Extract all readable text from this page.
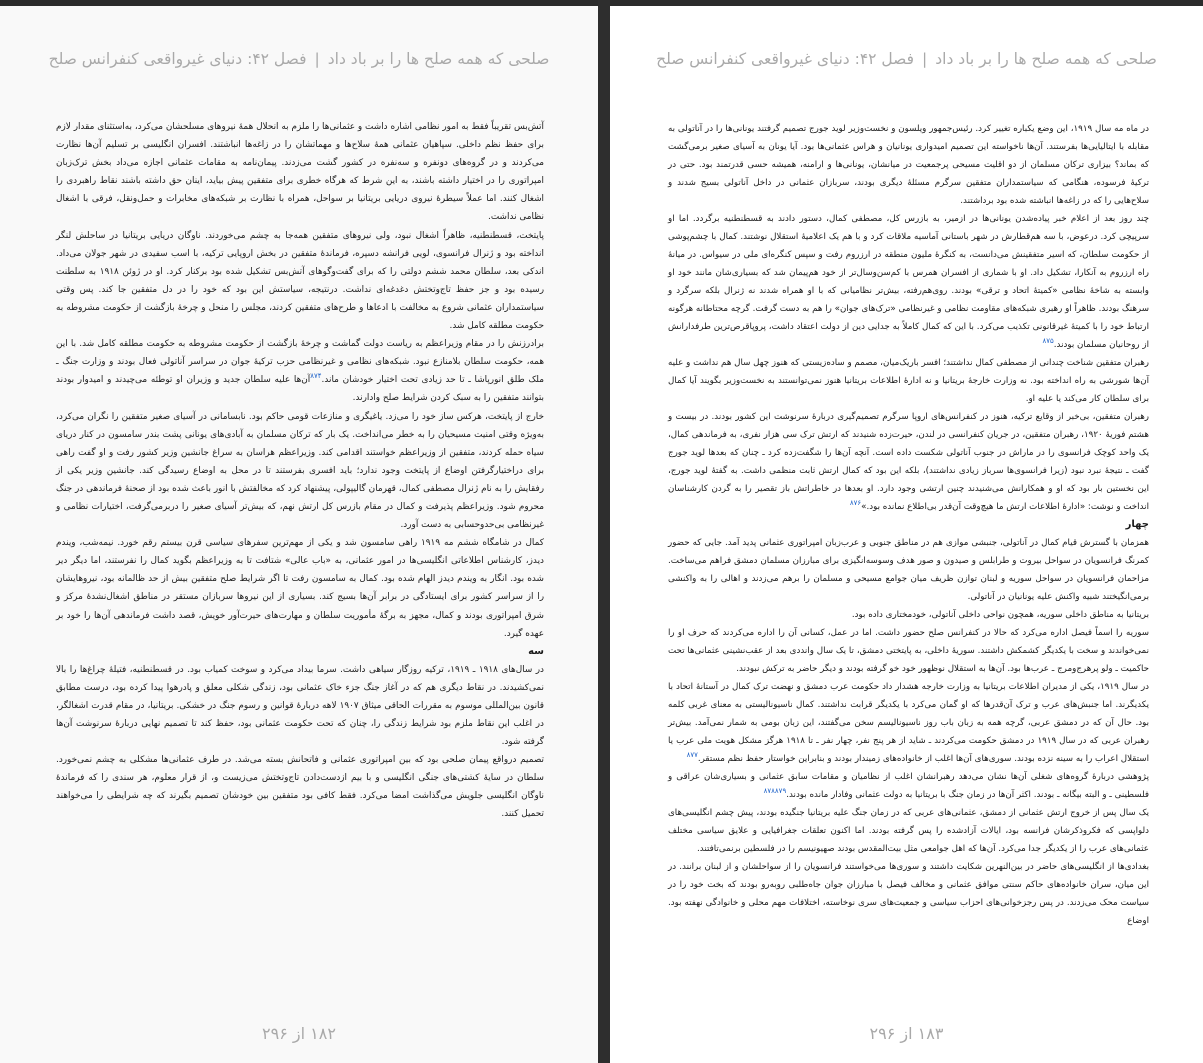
صلحی که همه صلح ها را بر باد داد|فصل ۴۲: دنیای غیرواقعی کنفرانس صلح

آتش‌بس تقریباً فقط به امور نظامی اشاره داشت و عثمانی‌ها را ملزم به انحلال همهٔ نیروهای مسلحشان می‌کرد، به‌استثنای مقدار لازم برای حفظ نظم داخلی. سپاهیان عثمانی همهٔ سلاح‌ها و مهماتشان را در زاغه‌ها انباشتند. افسران انگلیسی بر تسلیم آن‌ها نظارت می‌کردند و در گروه‌های دونفره و سه‌نفره در کشور گشت می‌زدند. پیمان‌نامه به مقامات عثمانی اجازه می‌داد بخش ترک‌زبان امپراتوری را در اختیار داشته باشند، به این شرط که هرگاه خطری برای متفقین پیش بیاید، اینان حق داشته باشند نقاط راهبردی را اشغال کنند. اما عملاً سیطرهٔ نیروی دریایی بریتانیا بر سواحل، همراه با نظارت بر شبکه‌های مخابرات و حمل‌ونقل، فرقی با اشغال نظامی نداشت.

پایتخت، قسطنطنیه، ظاهراً اشغال نبود، ولی نیروهای متفقین همه‌جا به چشم می‌خوردند. ناوگان دریایی بریتانیا در ساحلش لنگر انداخته بود و ژنرال فرانسوی، لویی فرانشه دسپره، فرماندهٔ متفقین در بخش اروپایی ترکیه، با اسب سفیدی در شهر جولان می‌داد. اندکی بعد، سلطان محمد ششم دولتی را که برای گفت‌وگوهای آتش‌بس تشکیل شده بود برکنار کرد. او در ژوئن ۱۹۱۸ به سلطنت رسیده بود و جز حفظ تاج‌وتختش دغدغه‌ای نداشت. درنتیجه، سیاستش این بود که خود را در دل متفقین جا کند. پس وقتی سیاستمداران عثمانی شروع به مخالفت با ادعاها و طرح‌های متفقین کردند، مجلس را منحل و چرخهٔ بازگشت از حکومت مشروطه به حکومت مطلقه کامل شد.

برادرزنش را در مقام وزیراعظم به ریاست دولت گماشت و چرخهٔ بازگشت از حکومت مشروطه به حکومت مطلقه کامل شد. با این همه، حکومت سلطان بلامنازع نبود. شبکه‌های نظامی و غیرنظامی حزب ترکیهٔ جوان در سراسر آناتولی فعال بودند و وزارت جنگ ـ ملک طلق انورپاشا ـ تا حد زیادی تحت اختیار خودشان ماند.$^{۸۷۴}$آن‌ها علیه سلطان جدید و وزیران او توطئه می‌چیدند و امیدوار بودند بتوانند متفقین را به سبک کردن شرایط صلح وادارند.

خارج از پایتخت، هرکس ساز خود را می‌زد. یاغیگری و منازعات قومی حاکم بود. نابسامانی در آسیای صغیر متفقین را نگران می‌کرد، به‌ویژه وقتی امنیت مسیحیان را به خطر می‌انداخت. یک بار که ترکان مسلمان به آبادی‌های یونانی پشت بندر سامسون در کنار دریای سیاه حمله کردند، متفقین از وزیراعظم خواستند اقدامی کند. وزیراعظم هراسان به سراغ جانشین وزیر کشور رفت و او گفت راهی برای دراختیارگرفتن اوضاع از پایتخت وجود ندارد؛ باید افسری بفرستند تا در محل به اوضاع رسیدگی کند. جانشین وزیر یکی از رفقایش را به نام ژنرال مصطفی کمال، قهرمان گالیپولی، پیشنهاد کرد که مخالفتش با انور باعث شده بود از صحنهٔ فرماندهی در جنگ محروم شود. وزیراعظم پذیرفت و کمال در مقام بازرس کل ارتش نهم، که بیش‌تر آسیای صغیر را دربرمی‌گرفت، اختیارات نظامی و غیرنظامی بی‌حدوحسابی به دست آورد.

کمال در شامگاه ششم مه ۱۹۱۹ راهی سامسون شد و یکی از مهم‌ترین سفرهای سیاسی قرن بیستم رقم خورد. نیمه‌شب، ویندم دیدز، کارشناس اطلاعاتی انگلیسی‌ها در امور عثمانی، به «باب عالی» شتافت تا به وزیراعظم بگوید کمال را نفرستند، اما دیگر دیر شده بود. انگار به ویندم دیدز الهام شده بود. کمال به سامسون رفت تا اگر شرایط صلح متفقین بیش از حد ظالمانه بود، نیروهایشان را از سراسر کشور برای ایستادگی در برابر آن‌ها بسیج کند. بسیاری از این نیروها سربازان مستقر در مناطق اشغال‌نشدهٔ مرکز و شرق امپراتوری بودند و کمال، مجهز به برگهٔ مأموریت سلطان و مهارت‌های حیرت‌آور خویش، قصد داشت فرماندهی آن‌ها را خود بر عهده گیرد.

سه

در سال‌های ۱۹۱۸ ـ ۱۹۱۹، ترکیه روزگار سیاهی داشت. سرما بیداد می‌کرد و سوخت کمیاب بود. در قسطنطنیه، فتیلهٔ چراغ‌ها را بالا نمی‌کشیدند. در نقاط دیگری هم که در آغاز جنگ جزء خاک عثمانی بود، زندگی شکلی معلق و پادرهوا پیدا کرده بود، درست مطابق قانون بین‌المللی موسوم به مقررات الحاقی میثاق ۱۹۰۷ لاهه دربارهٔ قوانین و رسوم جنگ در خشکی. بریتانیا، در مقام قدرت اشغالگر، در اغلب این نقاط ملزم بود شرایط زندگی را، چنان که تحت حکومت عثمانی بود، حفظ کند تا تصمیم نهایی دربارهٔ سرنوشت آن‌ها گرفته شود.

تصمیم درواقع پیمان صلحی بود که بین امپراتوری عثمانی و فاتحانش بسته می‌شد. در طرف عثمانی‌ها مشکلی به چشم نمی‌خورد. سلطان در سایهٔ کشتی‌های جنگی انگلیسی و با بیم ازدست‌دادن تاج‌وتختش می‌زیست و، از قرار معلوم، هر سندی را که فرماندهٔ ناوگان انگلیسی جلویش می‌گذاشت امضا می‌کرد. فقط کافی بود متفقین بین خودشان تصمیم بگیرند که چه شرایطی را می‌خواهند تحمیل کنند.

۱۸۲ از ۲۹۶
صلحی که همه صلح ها را بر باد داد|فصل ۴۲: دنیای غیرواقعی کنفرانس صلح

در ماه مه سال ۱۹۱۹، این وضع یکباره تغییر کرد. رئیس‌جمهور ویلسون و نخست‌وزیر لوید جورج تصمیم گرفتند یونانی‌ها را در آناتولی به مقابله با ایتالیایی‌ها بفرستند. آن‌ها ناخواسته این تصمیم امیدواری یونانیان و هراس عثمانی‌ها بود. آیا یونان به آسیای صغیر برمی‌گشت که بماند؟ بیزاری ترکان مسلمان از دو اقلیت مسیحی پرجمعیت در میانشان، یونانی‌ها و ارامنه، همیشه حسی قدرتمند بود. حتی در ترکیهٔ فرسوده، هنگامی که سیاستمداران متفقین سرگرم مسئلهٔ دیگری بودند، سربازان عثمانی در داخل آناتولی بسیج شدند و سلاح‌هایی را که در زاغه‌ها انباشته شده بود برداشتند.

چند روز بعد از اعلام خبر پیاده‌شدن یونانی‌ها در ازمیر، به بازرس کل، مصطفی کمال، دستور دادند به قسطنطنیه برگردد. اما او سرپیچی کرد. درعوض، با سه هم‌قطارش در شهر باستانی آماسیه ملاقات کرد و با هم یک اعلامیهٔ استقلال نوشتند. کمال با چشم‌پوشی از حکومت سلطان، که اسیر متفقینش می‌دانست، به کنگرهٔ ملیون منطقه در ارزروم رفت و سپس کنگره‌ای ملی در سیواس. در میانهٔ راه ارزروم به آنکارا، تشکیل داد. او با شماری از افسران همرس با کم‌سن‌وسال‌تر از خود هم‌پیمان شد که بسیاری‌شان مانند خود او وابسته به شاخهٔ نظامی «کمیتهٔ اتحاد و ترقی» بودند. روی‌هم‌رفته، بیش‌تر نظامیانی که با او همراه شدند نه ژنرال بلکه سرگرد و سرهنگ بودند. ظاهراً او رهبری شبکه‌های مقاومت نظامی و غیرنظامی «ترک‌های جوان» را هم به دست گرفت. گرچه محتاطانه هرگونه ارتباط خود را با کمیتهٔ غیرقانونی تکذیب می‌کرد. با این که کمال کاملاً به جدایی دین از دولت اعتقاد داشت، پروپاقرص‌ترین طرفدارانش از روحانیان مسلمان بودند.$^{۸۷۵}$

رهبران متفقین شناخت چندانی از مصطفی کمال نداشتند؛ افسر باریک‌میان، مصمم و ساده‌زیستی که هنوز چهل سال هم نداشت و علیه آن‌ها شورشی به راه انداخته بود. نه وزارت خارجهٔ بریتانیا و نه ادارهٔ اطلاعات بریتانیا هنوز نمی‌توانستند به نخست‌وزیر بگویند آیا کمال برای سلطان کار می‌کند یا علیه او.

رهبران متفقین، بی‌خبر از وقایع ترکیه، هنوز در کنفرانس‌های اروپا سرگرم تصمیم‌گیری دربارهٔ سرنوشت این کشور بودند. در بیست و هشتم فوریهٔ ۱۹۲۰، رهبران متفقین، در جریان کنفرانسی در لندن، حیرت‌زده شنیدند که ارتش ترک سی هزار نفری، به فرماندهی کمال، یک واحد کوچک فرانسوی را در ماراش در جنوب آناتولی شکست داده است. آنچه آن‌ها را شگفت‌زده کرد ـ چنان که بعدها لوید جورج گفت ـ نتیجهٔ نبرد نبود (زیرا فرانسوی‌ها سرباز زیادی نداشتند)، بلکه این بود که کمال ارتش ثابت منظمی داشت. به گفتهٔ لوید جورج، این نخستین بار بود که او و همکارانش می‌شنیدند چنین ارتشی وجود دارد. او بعدها در خاطراتش باز تقصیر را به گردن کارشناسان انداخت و نوشت: «ادارهٔ اطلاعات ارتش ما هیچ‌وقت آن‌قدر بی‌اطلاع نمانده بود.»$^{۸۷۶}$

چهار

همزمان با گسترش قیام کمال در آناتولی، جنبشی موازی هم در مناطق جنوبی و عرب‌زبان امپراتوری عثمانی پدید آمد. جایی که حضور کمرنگ فرانسویان در سواحل بیروت و طرابلس و صیدون و صور هدف وسوسه‌انگیزی برای مبارزان مسلمان دمشق فراهم می‌ساخت. مزاحمان فرانسویان در سواحل سوریه و لبنان توازن ظریف میان جوامع مسیحی و مسلمان را برهم می‌زدند و اهالی را به واکنشی برمی‌انگیختند شبیه واکنش علیه یونانیان در آناتولی.

بریتانیا به مناطق داخلی سوریه، همچون نواحی داخلی آناتولی، خودمختاری داده بود.

سوریه را اسماً فیصل اداره می‌کرد که حالا در کنفرانس صلح حضور داشت. اما در عمل، کسانی آن را اداره می‌کردند که حرف او را نمی‌خواندند و سخت با یکدیگر کشمکش داشتند. سوریهٔ داخلی، به پایتختی دمشق، تا یک سال وانددی بعد از عقب‌نشینی عثمانی‌ها تحت حاکمیت ـ ولو پرهرج‌ومرج ـ عرب‌ها بود. آن‌ها به استقلال نوظهور خود خو گرفته بودند و دیگر حاضر به ترکش نبودند.

در سال ۱۹۱۹، یکی از مدیران اطلاعات بریتانیا به وزارت خارجه هشدار داد حکومت عرب دمشق و نهضت ترک کمال در آستانهٔ اتحاد با یکدیگرند. اما جنبش‌های عرب و ترک آن‌قدرها که او گمان می‌کرد با یکدیگر قرابت نداشتند. کمال ناسیونالیستی به معنای غربی کلمه بود. حال آن که در دمشق عربی، گرچه همه به زبان باب روز ناسیونالیسم سخن می‌گفتند، این زبان بومی به شمار نمی‌آمد. بیش‌تر رهبران عربی که در سال ۱۹۱۹ در دمشق حکومت می‌کردند ـ شاید از هر پنج نفر، چهار نفر ـ تا ۱۹۱۸ هرگز مشکل هویت ملی عرب یا استقلال اعراب را به سینه نزده بودند. سوری‌های آن‌ها اغلب از خانواده‌های زمیندار بودند و بنابراین خواستار حفظ نظم مستقر.$^{۸۷۷}$

پژوهشی دربارهٔ گروه‌های شغلی آن‌ها نشان می‌دهد رهبرانشان اغلب از نظامیان و مقامات سابق عثمانی و بسیاری‌شان عراقی و فلسطینی ـ و البته بیگانه ـ بودند. اکثر آن‌ها در زمان جنگ با بریتانیا به دولت عثمانی وفادار مانده بودند.$^{۸۷۸۸۷۹}$

یک سال پس از خروج ارتش عثمانی از دمشق، عثمانی‌های عربی که در زمان جنگ علیه بریتانیا جنگیده بودند، پیش چشم انگلیسی‌های دلواپسی که فکروذکرشان فرانسه بود، ایالات آزادشده را پس گرفته بودند. اما اکنون تعلقات جغرافیایی و علایق سیاسی مختلف عثمانی‌های عرب را از یکدیگر جدا می‌کرد. آن‌ها که اهل جوامعی مثل بیت‌المقدس بودند صهیونیسم را در فلسطین برنمی‌تافتند.

بغدادی‌ها از انگلیسی‌های حاضر در بین‌النهرین شکایت داشتند و سوری‌ها می‌خواستند فرانسویان را از سواحلشان و از لبنان برانند. در این میان، سران خانواده‌های حاکم سنتی موافق عثمانی و مخالف فیصل با مبارزان جوان جاه‌طلبی روبه‌رو بودند که بخت خود را در سیاست محک می‌زدند. در پس رجزخوانی‌های احزاب سیاسی و جمعیت‌های سری نوخاسته، اختلافات مهم محلی و خانوادگی نهفته بود. اوضاع

۱۸۳ از ۲۹۶
